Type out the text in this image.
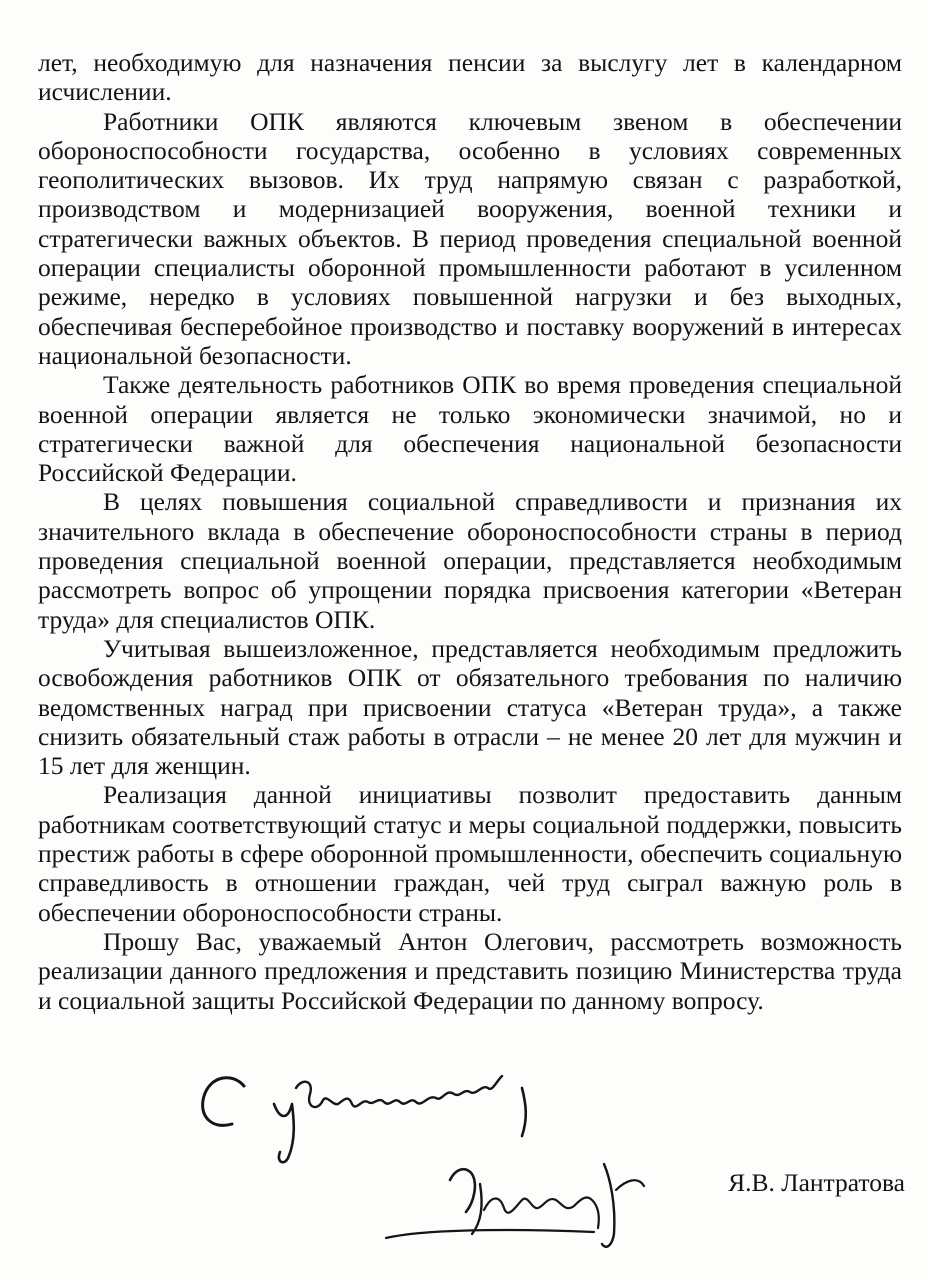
лет, необходимую для назначения пенсии за выслугу лет в календарном исчислении.

Работники ОПК являются ключевым звеном в обеспечении обороноспособности государства, особенно в условиях современных геополитических вызовов. Их труд напрямую связан с разработкой, производством и модернизацией вооружения, военной техники и стратегически важных объектов. В период проведения специальной военной операции специалисты оборонной промышленности работают в усиленном режиме, нередко в условиях повышенной нагрузки и без выходных, обеспечивая бесперебойное производство и поставку вооружений в интересах национальной безопасности.

Также деятельность работников ОПК во время проведения специальной военной операции является не только экономически значимой, но и стратегически важной для обеспечения национальной безопасности Российской Федерации.

В целях повышения социальной справедливости и признания их значительного вклада в обеспечение обороноспособности страны в период проведения специальной военной операции, представляется необходимым рассмотреть вопрос об упрощении порядка присвоения категории «Ветеран труда» для специалистов ОПК.

Учитывая вышеизложенное, представляется необходимым предложить освобождения работников ОПК от обязательного требования по наличию ведомственных наград при присвоении статуса «Ветеран труда», а также снизить обязательный стаж работы в отрасли – не менее 20 лет для мужчин и 15 лет для женщин.

Реализация данной инициативы позволит предоставить данным работникам соответствующий статус и меры социальной поддержки, повысить престиж работы в сфере оборонной промышленности, обеспечить социальную справедливость в отношении граждан, чей труд сыграл важную роль в обеспечении обороноспособности страны.

Прошу Вас, уважаемый Антон Олегович, рассмотреть возможность реализации данного предложения и представить позицию Министерства труда и социальной защиты Российской Федерации по данному вопросу.

Я.В. Лантратова
